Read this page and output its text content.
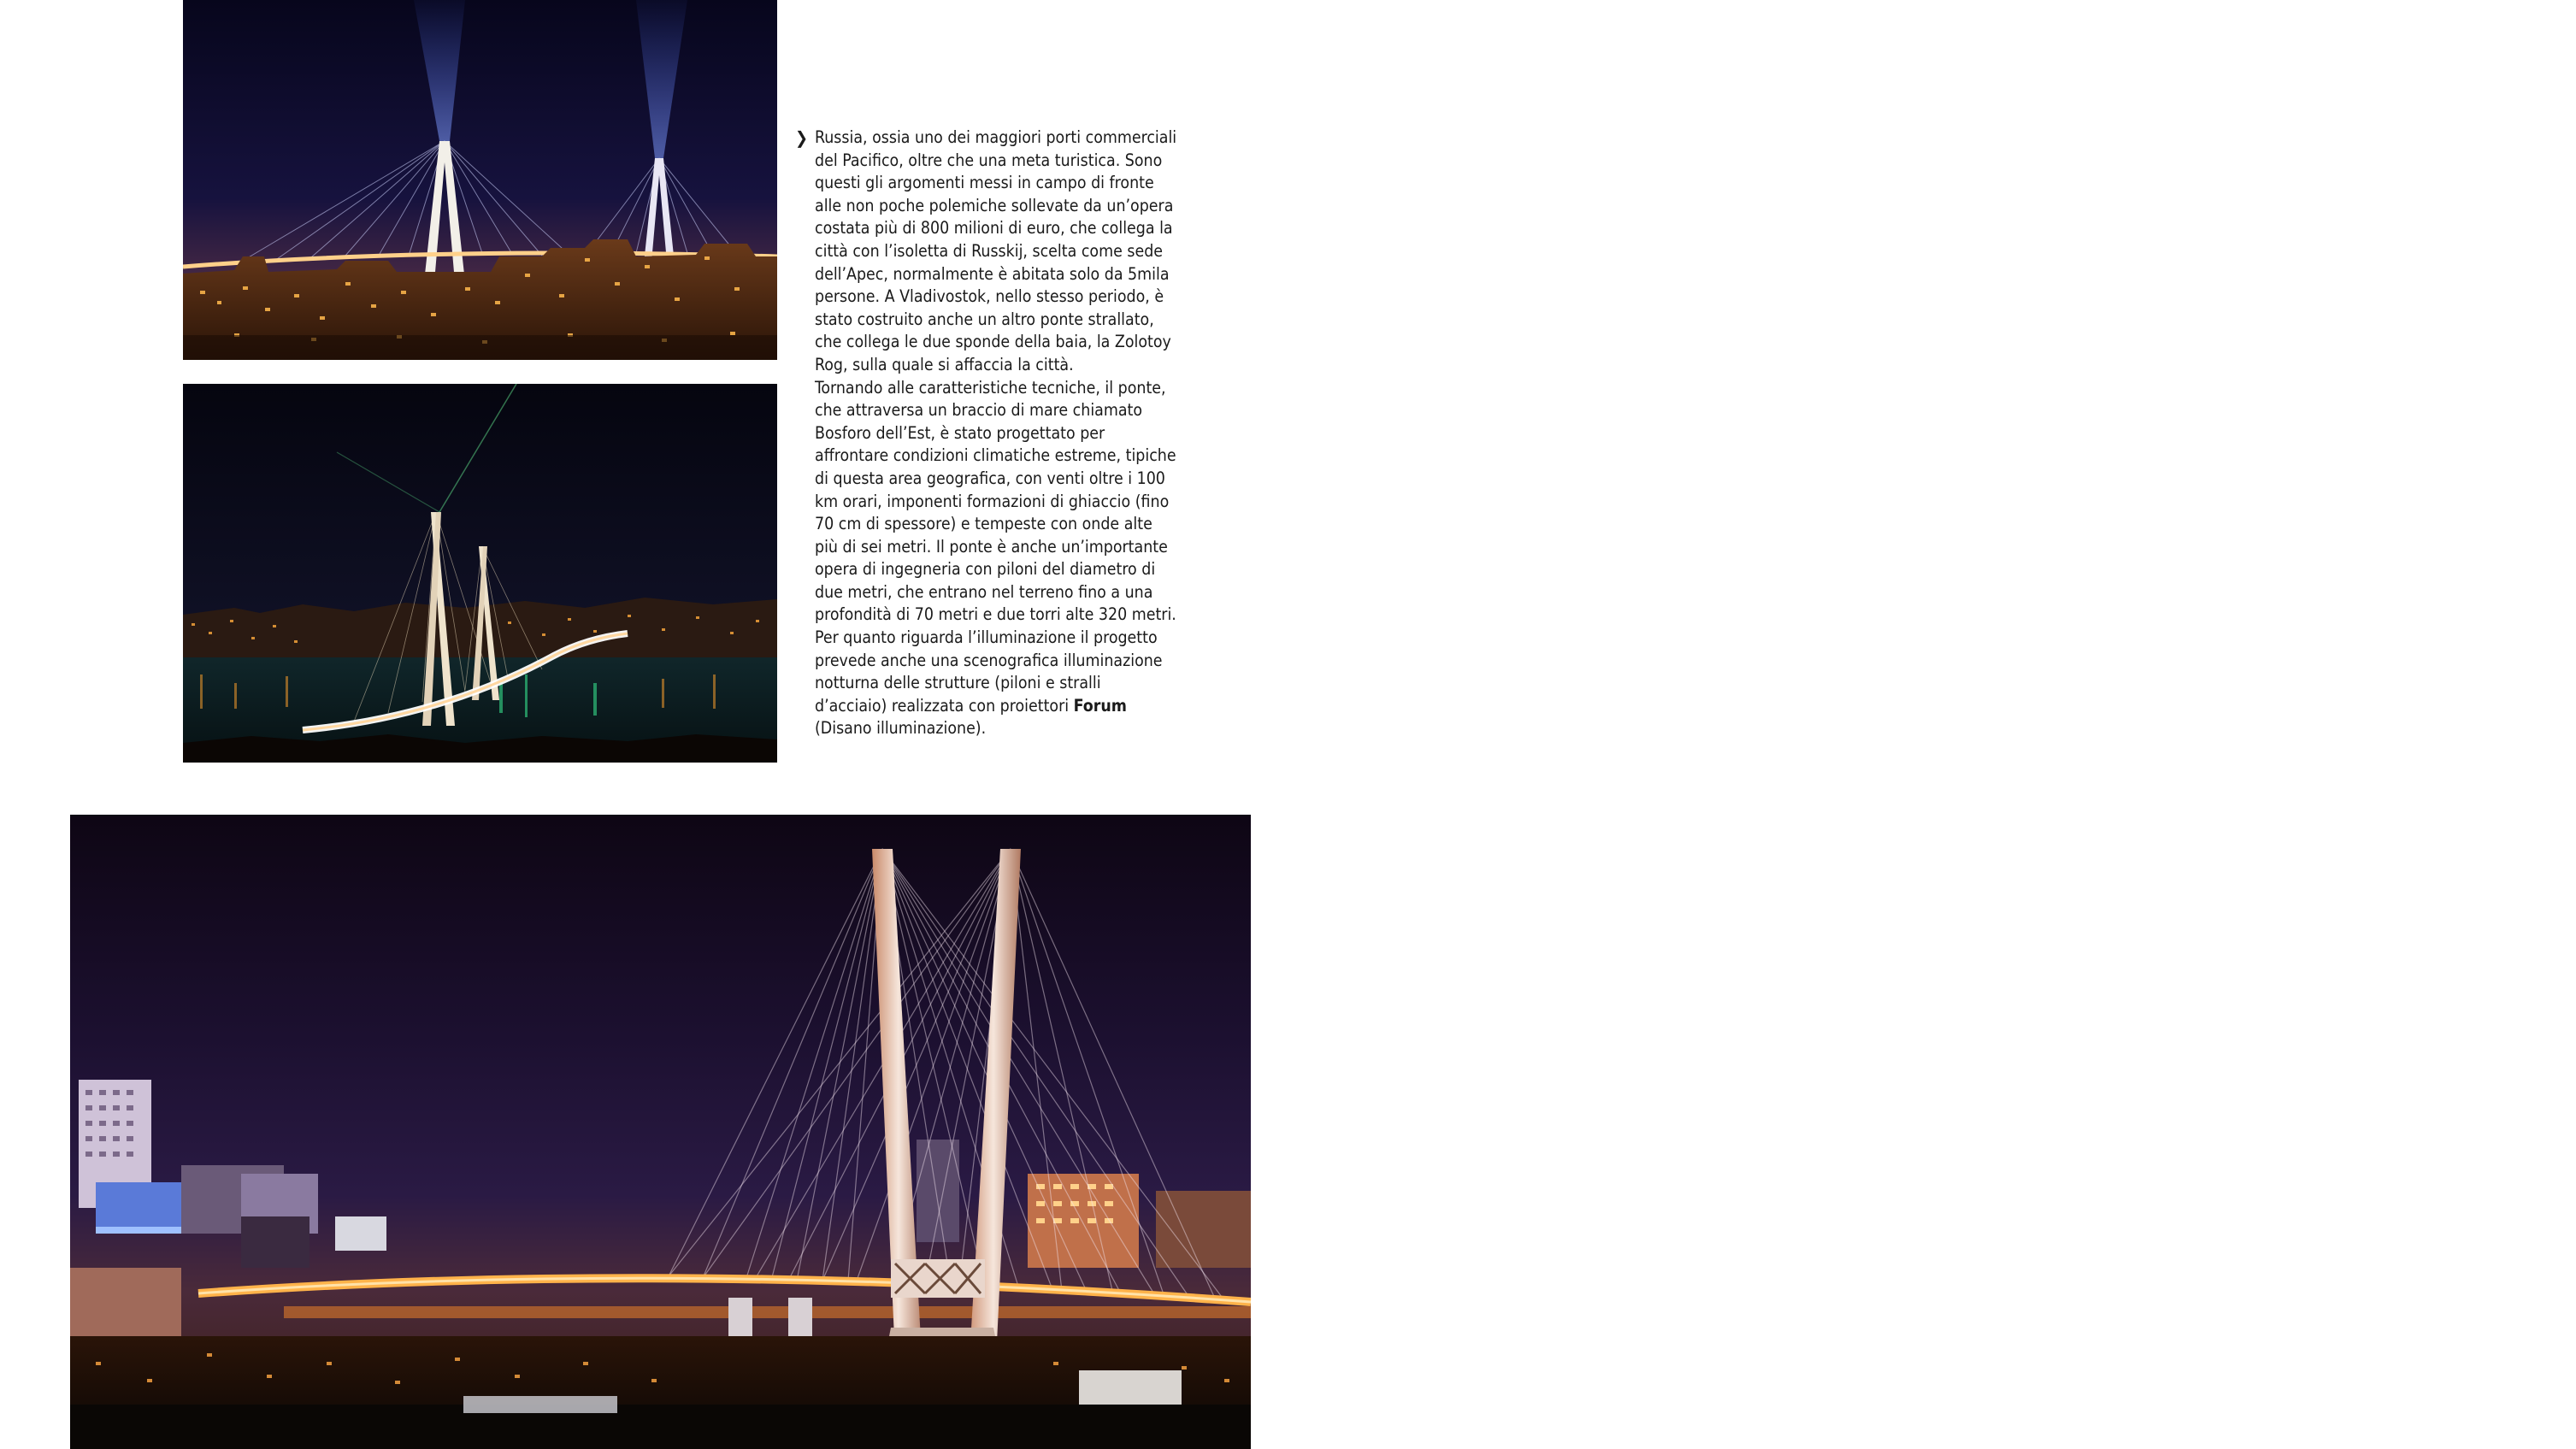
❯ Russia, ossia uno dei maggiori porti commerciali
del Pacifico, oltre che una meta turistica. Sono
questi gli argomenti messi in campo di fronte
alle non poche polemiche sollevate da un’opera
costata più di 800 milioni di euro, che collega la
città con l’isoletta di Russkij, scelta come sede
dell’Apec, normalmente è abitata solo da 5mila
persone. A Vladivostok, nello stesso periodo, è
stato costruito anche un altro ponte strallato,
che collega le due sponde della baia, la Zolotoy
Rog, sulla quale si affaccia la città.
Tornando alle caratteristiche tecniche, il ponte,
che attraversa un braccio di mare chiamato
Bosforo dell’Est, è stato progettato per
affrontare condizioni climatiche estreme, tipiche
di questa area geografica, con venti oltre i 100
km orari, imponenti formazioni di ghiaccio (fino
70 cm di spessore) e tempeste con onde alte
più di sei metri. Il ponte è anche un’importante
opera di ingegneria con piloni del diametro di
due metri, che entrano nel terreno fino a una
profondità di 70 metri e due torri alte 320 metri.
Per quanto riguarda l’illuminazione il progetto
prevede anche una scenografica illuminazione
notturna delle strutture (piloni e stralli
d’acciaio) realizzata con proiettori Forum
(Disano illuminazione).
